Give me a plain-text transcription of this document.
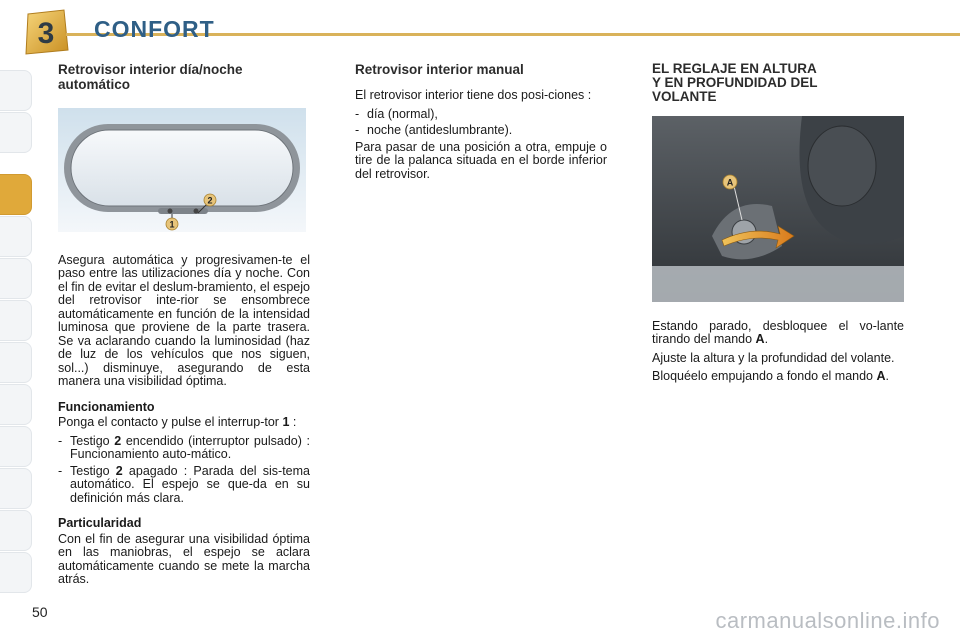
3 CONFORT
Retrovisor interior día/noche automático
1
2

Asegura automática y progresivamen-te el paso entre las utilizaciones día y noche. Con el fin de evitar el deslum-bramiento, el espejo del retrovisor inte-rior se ensombrece automáticamente en función de la intensidad luminosa que proviene de la parte trasera. Se va aclarando cuando la luminosidad (haz de luz de los vehículos que nos siguen, sol...) disminuye, asegurando de esta manera una visibilidad óptima.

Funcionamiento

Ponga el contacto y pulse el interrup-tor 1 :

- Testigo 2 encendido (interruptor pulsado) : Funcionamiento auto-mático.
- Testigo 2 apagado : Parada del sis-tema automático. El espejo se que-da en su definición más clara.
Particularidad

Con el fin de asegurar una visibilidad óptima en las maniobras, el espejo se aclara automáticamente cuando se mete la marcha atrás.

Retrovisor interior manual

El retrovisor interior tiene dos posi-ciones :

- día (normal),
- noche (antideslumbrante).

Para pasar de una posición a otra, empuje o tire de la palanca situada en el borde inferior del retrovisor.

EL REGLAJE EN ALTURA
Y EN PROFUNDIDAD DEL
VOLANTE
A

Estando parado, desbloquee el vo-lante tirando del mando A.

Ajuste la altura y la profundidad del volante.

Bloquéelo empujando a fondo el mando A.

50	carmanualsonline.info
